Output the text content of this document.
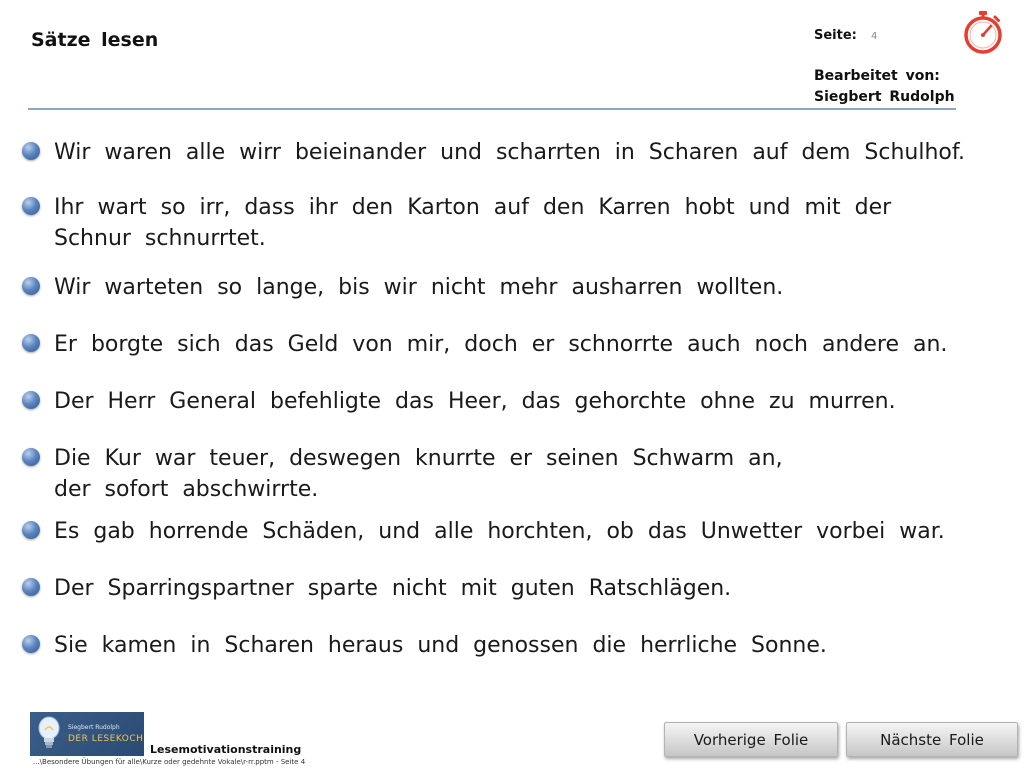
Sätze lesen	Seite: 4
Bearbeitet von:
Siegbert Rudolph
Wir waren alle wirr beieinander und scharrten in Scharen auf dem Schulhof.
Ihr wart so irr, dass ihr den Karton auf den Karren hobt und mit der
Schnur schnurrtet.
Wir warteten so lange, bis wir nicht mehr ausharren wollten.
Er borgte sich das Geld von mir, doch er schnorrte auch noch andere an.
Der Herr General befehligte das Heer, das gehorchte ohne zu murren.
Die Kur war teuer, deswegen knurrte er seinen Schwarm an,
der sofort abschwirrte.
Es gab horrende Schäden, und alle horchten, ob das Unwetter vorbei war.
Der Sparringspartner sparte nicht mit guten Ratschlägen.
Sie kamen in Scharen heraus und genossen die herrliche Sonne.
Siegbert Rudolph
DER LESEKOCH
Lesemotivationstraining
...\Besondere Übungen für alle\Kurze oder gedehnte Vokale\r-rr.pptm - Seite 4
Vorherige Folie	Nächste Folie
